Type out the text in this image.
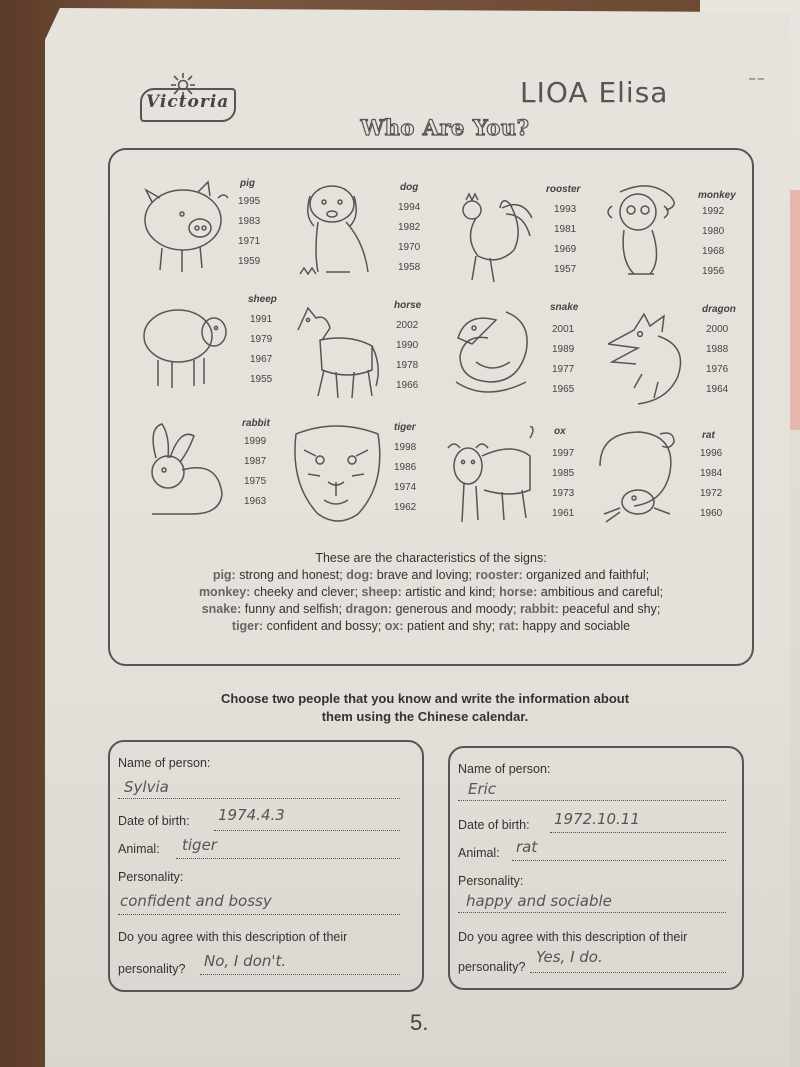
Victoria	LIOA Elisa	⁻⁻
Who Are You?
pig
1995
1983
1971
1959
dog
1994
1982
1970
1958
rooster
1993
1981
1969
1957
monkey
1992
1980
1968
1956
sheep
1991
1979
1967
1955
horse
2002
1990
1978
1966
snake
2001
1989
1977
1965
dragon
2000
1988
1976
1964
rabbit
1999
1987
1975
1963
tiger
1998
1986
1974
1962
ox
1997
1985
1973
1961
rat
1996
1984
1972
1960
These are the characteristics of the signs:
pig: strong and honest; dog: brave and loving; rooster: organized and faithful;
monkey: cheeky and clever; sheep: artistic and kind; horse: ambitious and careful;
snake: funny and selfish; dragon: generous and moody; rabbit: peaceful and shy;
tiger: confident and bossy; ox: patient and shy; rat: happy and sociable
Choose two people that you know and write the information about
them using the Chinese calendar.
Name of person:
Sylvia
Date of birth: 1974.4.3
Animal: tiger
Personality:
confident and bossy
Do you agree with this description of their
personality? No, I don't.
Name of person:
Eric
Date of birth: 1972.10.11
Animal: rat
Personality:
happy and sociable
Do you agree with this description of their
personality?
Yes, I do.
5.
